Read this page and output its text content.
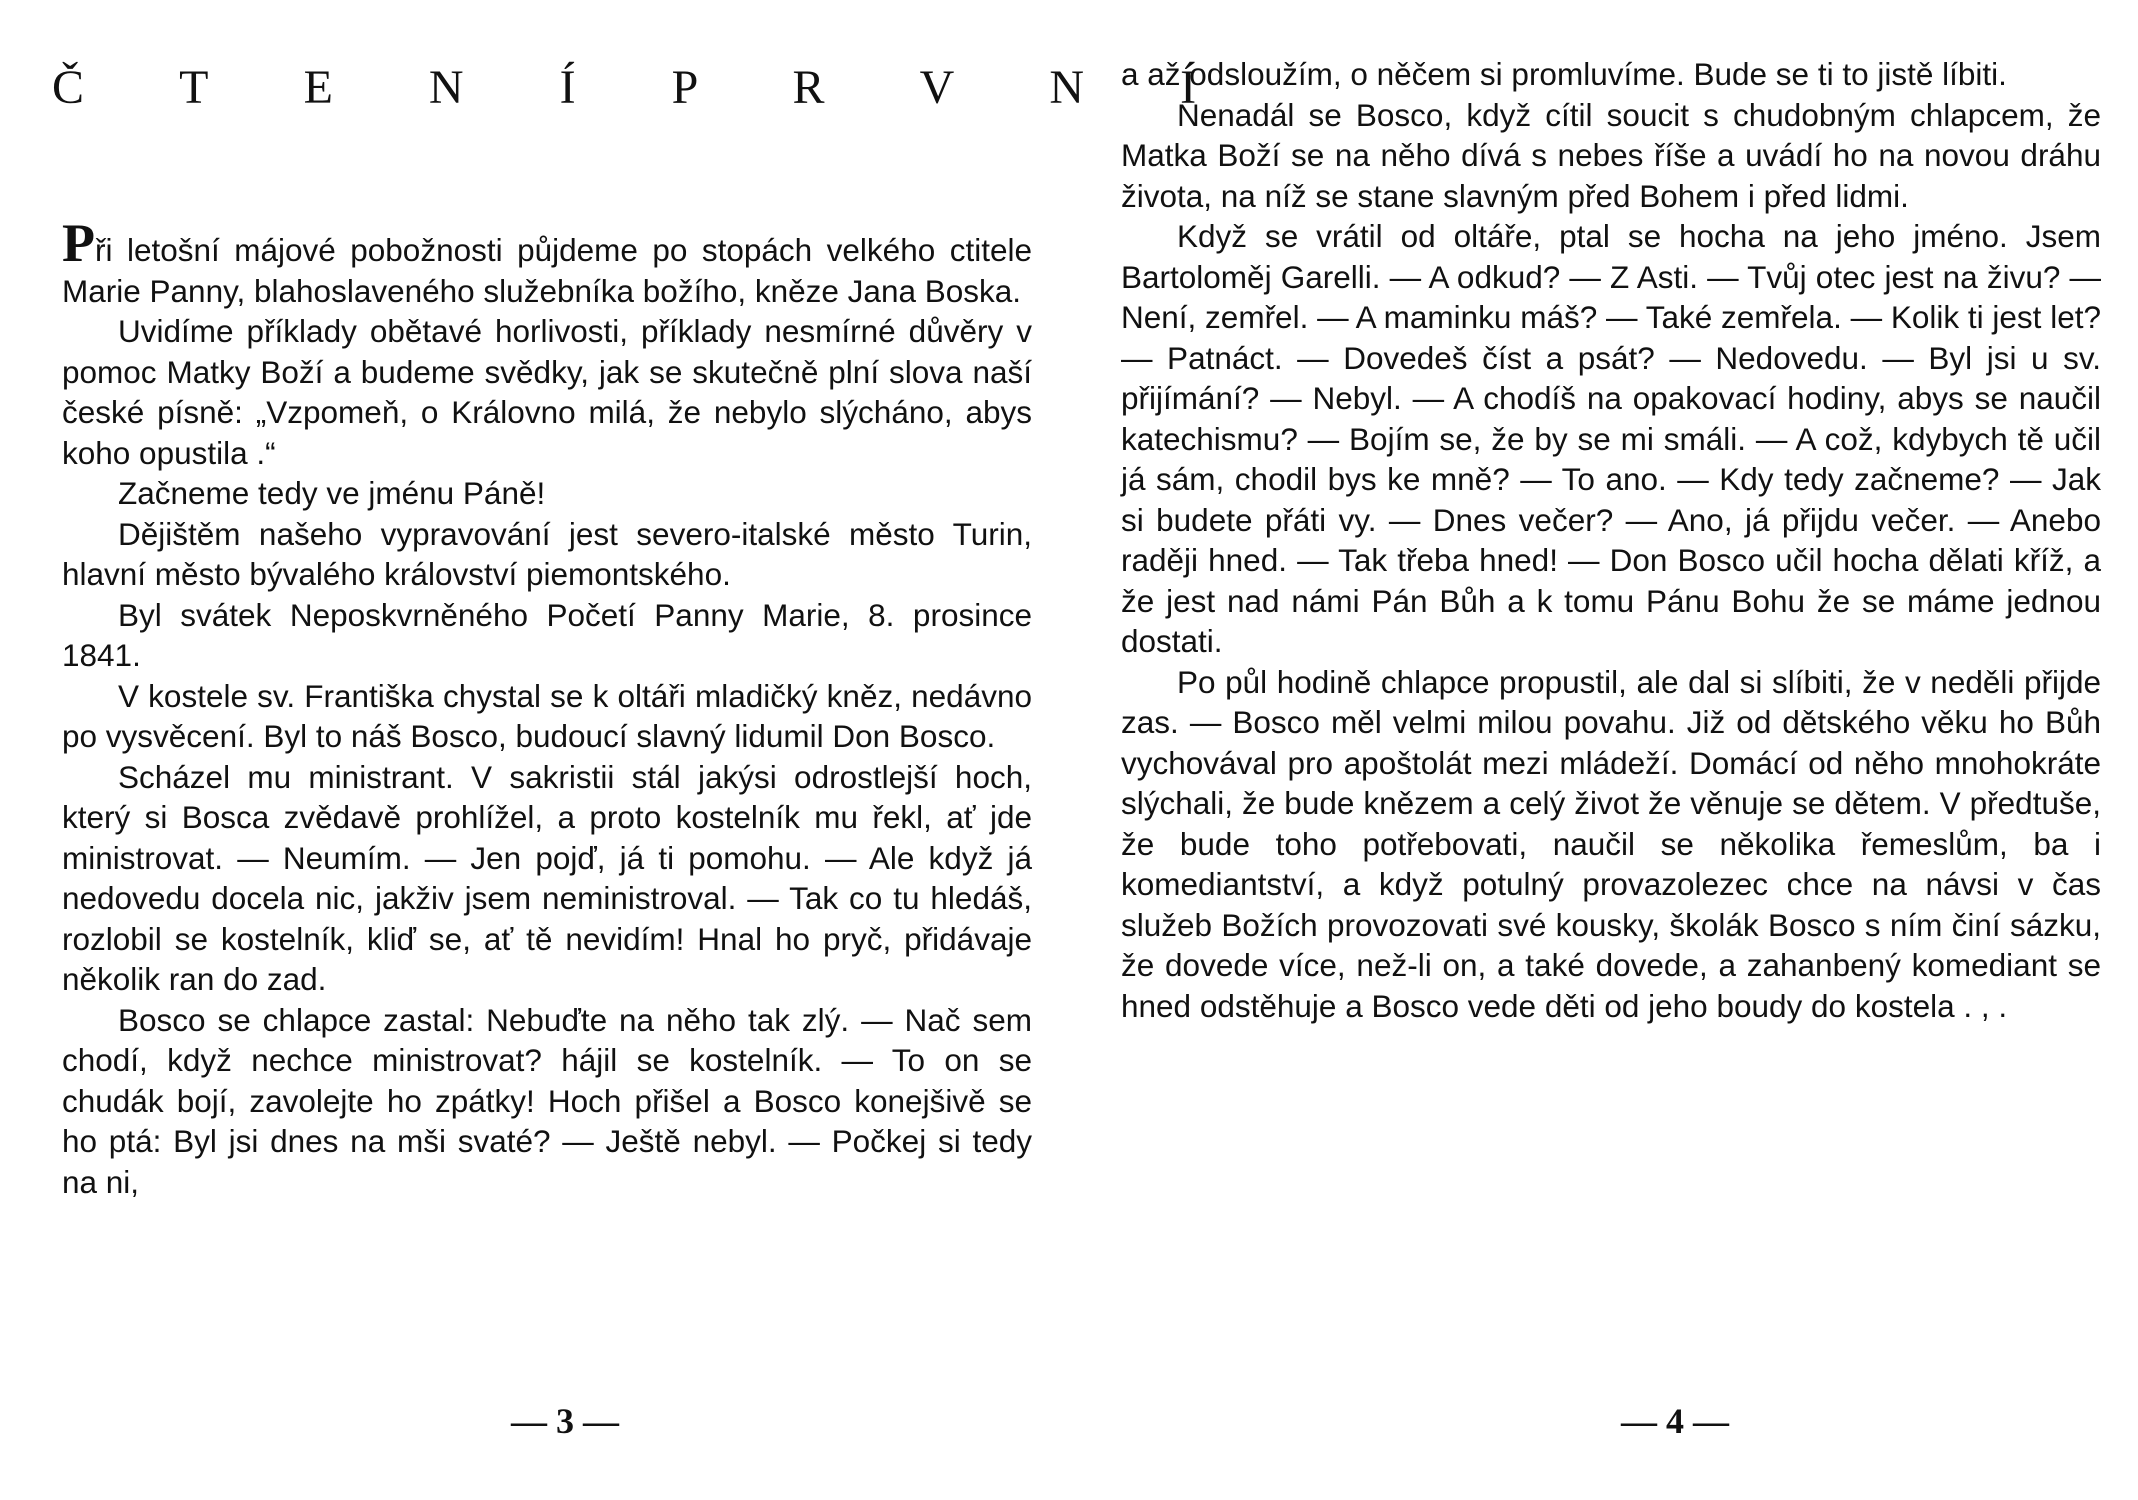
Č T E N Í P R V N Í

Při letošní májové pobožnosti půjdeme po stopách velkého ctitele Marie Panny, blahoslaveného služebníka božího, kněze Jana Boska.

Uvidíme příklady obětavé horlivosti, příklady nesmírné důvěry v pomoc Matky Boží a budeme svědky, jak se skutečně plní slova naší české písně: „Vzpomeň, o Královno milá, že nebylo slýcháno, abys koho opustila .“

Začneme tedy ve jménu Páně!

Dějištěm našeho vypravování jest severo-italské město Turin, hlavní město bývalého království piemontského.

Byl svátek Neposkvrněného Početí Panny Marie, 8. prosince 1841.

V kostele sv. Františka chystal se k oltáři mladičký kněz, nedávno po vysvěcení. Byl to náš Bosco, budoucí slavný lidumil Don Bosco.

Scházel mu ministrant. V sakristii stál jakýsi odrostlejší hoch, který si Bosca zvědavě prohlížel, a proto kostelník mu řekl, ať jde ministrovat. — Neumím. — Jen pojď, já ti pomohu. — Ale když já nedovedu docela nic, jakživ jsem neministroval. — Tak co tu hledáš, rozlobil se kostelník, kliď se, ať tě nevidím! Hnal ho pryč, přidávaje několik ran do zad.

Bosco se chlapce zastal: Nebuďte na něho tak zlý. — Nač sem chodí, když nechce ministrovat? hájil se kostelník. — To on se chudák bojí, zavolejte ho zpátky! Hoch přišel a Bosco konejšivě se ho ptá: Byl jsi dnes na mši svaté? — Ještě nebyl. — Počkej si tedy na ni,

— 3 —

a až odsloužím, o něčem si promluvíme. Bude se ti to jistě líbiti.

Nenadál se Bosco, když cítil soucit s chudobným chlapcem, že Matka Boží se na něho dívá s nebes říše a uvádí ho na novou dráhu života, na níž se stane slavným před Bohem i před lidmi.

Když se vrátil od oltáře, ptal se hocha na jeho jméno. Jsem Bartoloměj Garelli. — A odkud? — Z Asti. — Tvůj otec jest na živu? — Není, zemřel. — A maminku máš? — Také zemřela. — Kolik ti jest let? — Patnáct. — Dovedeš číst a psát? — Nedovedu. — Byl jsi u sv. přijímání? — Nebyl. — A chodíš na opakovací hodiny, abys se naučil katechismu? — Bojím se, že by se mi smáli. — A což, kdybych tě učil já sám, chodil bys ke mně? — To ano. — Kdy tedy začneme? — Jak si budete přáti vy. — Dnes večer? — Ano, já přijdu večer. — Anebo raději hned. — Tak třeba hned! — Don Bosco učil hocha dělati kříž, a že jest nad námi Pán Bůh a k tomu Pánu Bohu že se máme jednou dostati.

Po půl hodině chlapce propustil, ale dal si slíbiti, že v neděli přijde zas. — Bosco měl velmi milou povahu. Již od dětského věku ho Bůh vychovával pro apoštolát mezi mládeží. Domácí od něho mnohokráte slýchali, že bude knězem a celý život že věnuje se dětem. V předtuše, že bude toho potřebovati, naučil se několika řemeslům, ba i komediantství, a když potulný provazolezec chce na návsi v čas služeb Božích provozovati své kousky, školák Bosco s ním činí sázku, že dovede více, než-li on, a také dovede, a zahanbený komediant se hned odstěhuje a Bosco vede děti od jeho boudy do kostela . , .

— 4 —
